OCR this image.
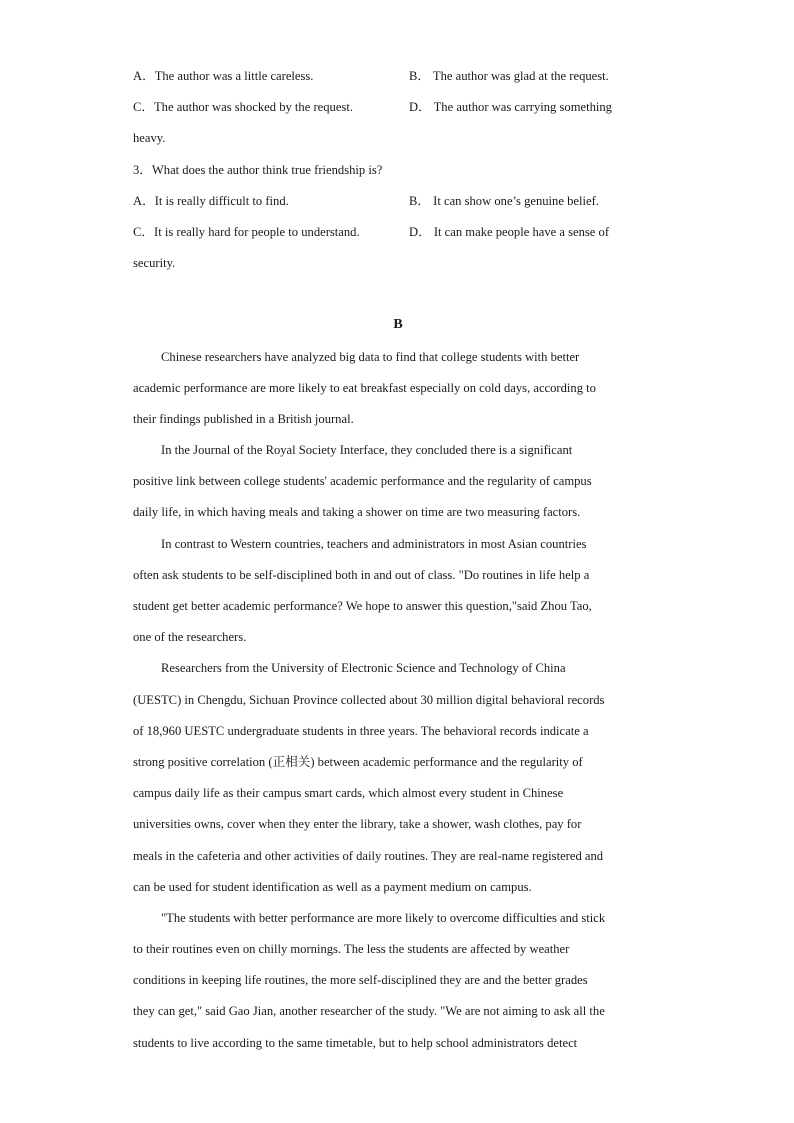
A．The author was a little careless.	B． The author was glad at the request.
C．The author was shocked by the request.	D． The author was carrying something
heavy.
3．What does the author think true friendship is?
A．It is really difficult to find.	B． It can show one’s genuine belief.
C．It is really hard for people to understand.	D． It can make people have a sense of
security.
B
Chinese researchers have analyzed big data to find that college students with better
academic performance are more likely to eat breakfast especially on cold days, according to
their findings published in a British journal.
In the Journal of the Royal Society Interface, they concluded there is a significant
positive link between college students' academic performance and the regularity of campus
daily life, in which having meals and taking a shower on time are two measuring factors.
In contrast to Western countries, teachers and administrators in most Asian countries
often ask students to be self-disciplined both in and out of class. "Do routines in life help a
student get better academic performance? We hope to answer this question,"said Zhou Tao,
one of the researchers.
Researchers from the University of Electronic Science and Technology of China
(UESTC) in Chengdu, Sichuan Province collected about 30 million digital behavioral records
of 18,960 UESTC undergraduate students in three years. The behavioral records indicate a
strong positive correlation (正相关) between academic performance and the regularity of
campus daily life as their campus smart cards, which almost every student in Chinese
universities owns, cover when they enter the library, take a shower, wash clothes, pay for
meals in the cafeteria and other activities of daily routines. They are real-name registered and
can be used for student identification as well as a payment medium on campus.
"The students with better performance are more likely to overcome difficulties and stick
to their routines even on chilly mornings. The less the students are affected by weather
conditions in keeping life routines, the more self-disciplined they are and the better grades
they can get," said Gao Jian, another researcher of the study. "We are not aiming to ask all the
students to live according to the same timetable, but to help school administrators detect
